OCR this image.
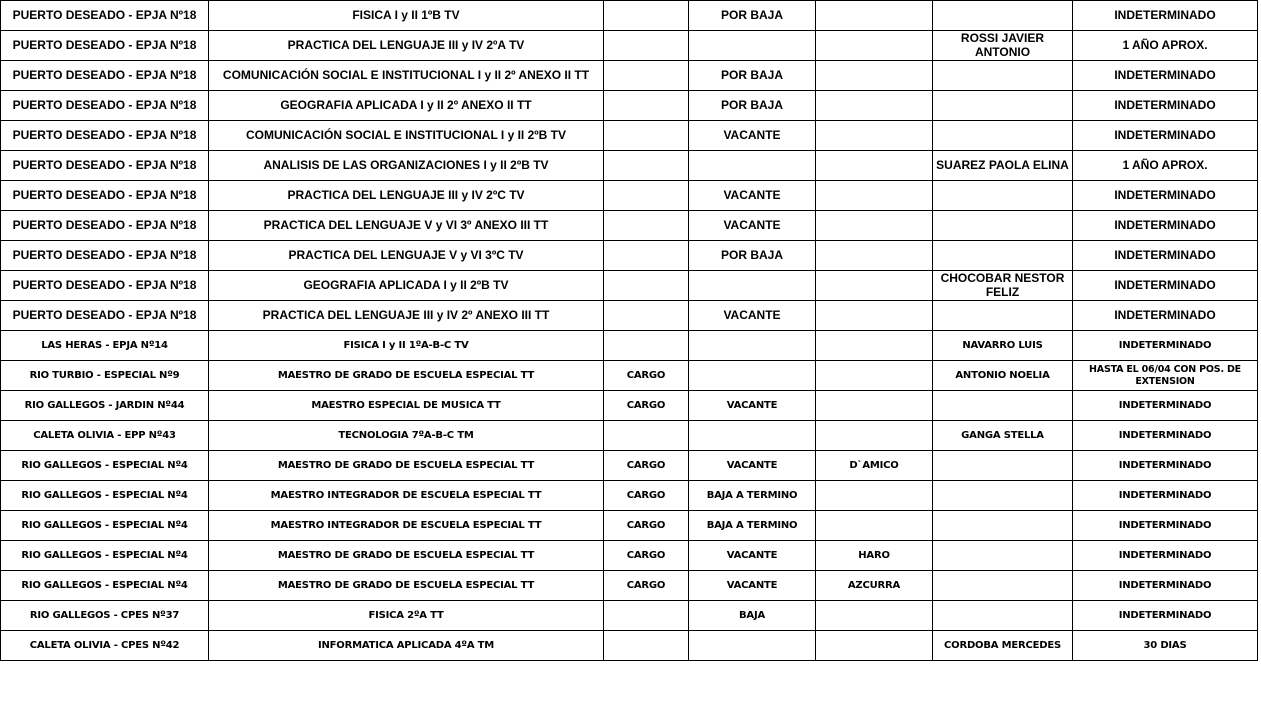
PUERTO DESEADO - EPJA Nº18	FISICA I y II 1ºB TV		POR BAJA			INDETERMINADO
PUERTO DESEADO - EPJA Nº18	PRACTICA DEL LENGUAJE III y IV 2ºA TV				ROSSI JAVIER ANTONIO	1 AÑO APROX.
PUERTO DESEADO - EPJA Nº18	COMUNICACIÓN SOCIAL E INSTITUCIONAL I y II 2º ANEXO II TT		POR BAJA			INDETERMINADO
PUERTO DESEADO - EPJA Nº18	GEOGRAFIA APLICADA I y II 2º ANEXO II TT		POR BAJA			INDETERMINADO
PUERTO DESEADO - EPJA Nº18	COMUNICACIÓN SOCIAL E INSTITUCIONAL I y II 2ºB TV		VACANTE			INDETERMINADO
PUERTO DESEADO - EPJA Nº18	ANALISIS DE LAS ORGANIZACIONES I y II 2ºB TV				SUAREZ PAOLA ELINA	1 AÑO APROX.
PUERTO DESEADO - EPJA Nº18	PRACTICA DEL LENGUAJE III y IV 2ºC TV		VACANTE			INDETERMINADO
PUERTO DESEADO - EPJA Nº18	PRACTICA DEL LENGUAJE V y VI 3º ANEXO III TT		VACANTE			INDETERMINADO
PUERTO DESEADO - EPJA Nº18	PRACTICA DEL LENGUAJE V y VI 3ºC TV		POR BAJA			INDETERMINADO
PUERTO DESEADO - EPJA Nº18	GEOGRAFIA APLICADA I y II 2ºB TV				CHOCOBAR NESTOR FELIZ	INDETERMINADO
PUERTO DESEADO - EPJA Nº18	PRACTICA DEL LENGUAJE III y IV 2º ANEXO III TT		VACANTE			INDETERMINADO
LAS HERAS - EPJA Nº14	FISICA I y II 1ºA-B-C TV				NAVARRO LUIS	INDETERMINADO
RIO TURBIO - ESPECIAL Nº9	MAESTRO DE GRADO DE ESCUELA ESPECIAL TT	CARGO			ANTONIO NOELIA	HASTA EL 06/04 CON POS. DE EXTENSION
RIO GALLEGOS - JARDIN Nº44	MAESTRO ESPECIAL DE MUSICA TT	CARGO	VACANTE			INDETERMINADO
CALETA OLIVIA - EPP Nº43	TECNOLOGIA 7ºA-B-C TM				GANGA STELLA	INDETERMINADO
RIO GALLEGOS - ESPECIAL Nº4	MAESTRO DE GRADO DE ESCUELA ESPECIAL TT	CARGO	VACANTE	D`AMICO		INDETERMINADO
RIO GALLEGOS - ESPECIAL Nº4	MAESTRO INTEGRADOR DE ESCUELA ESPECIAL TT	CARGO	BAJA A TERMINO			INDETERMINADO
RIO GALLEGOS - ESPECIAL Nº4	MAESTRO INTEGRADOR DE ESCUELA ESPECIAL TT	CARGO	BAJA A TERMINO			INDETERMINADO
RIO GALLEGOS - ESPECIAL Nº4	MAESTRO DE GRADO DE ESCUELA ESPECIAL TT	CARGO	VACANTE	HARO		INDETERMINADO
RIO GALLEGOS - ESPECIAL Nº4	MAESTRO DE GRADO DE ESCUELA ESPECIAL TT	CARGO	VACANTE	AZCURRA		INDETERMINADO
RIO GALLEGOS - CPES Nº37	FISICA 2ºA TT		BAJA			INDETERMINADO
CALETA OLIVIA - CPES Nº42	INFORMATICA APLICADA 4ºA TM				CORDOBA MERCEDES	30 DIAS
